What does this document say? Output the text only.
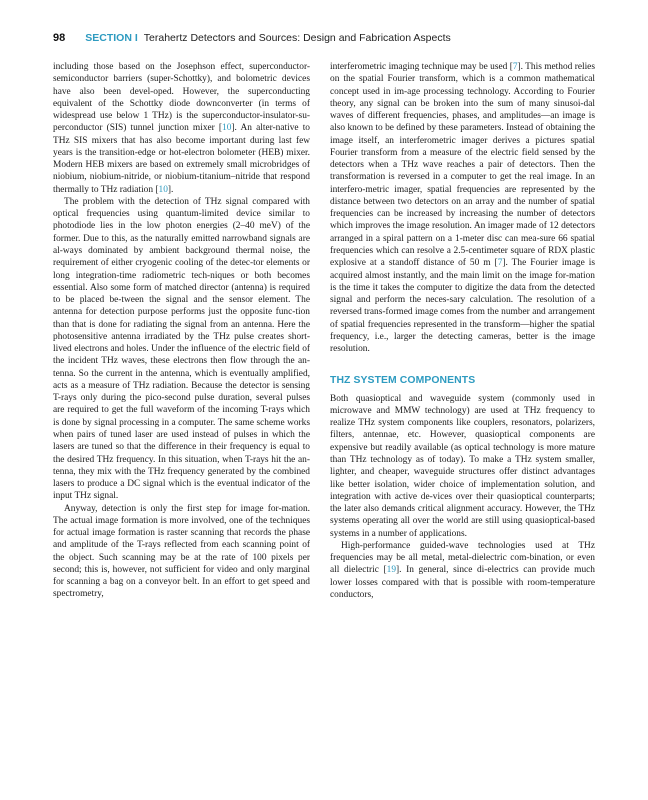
98 SECTION I Terahertz Detectors and Sources: Design and Fabrication Aspects

including those based on the Josephson effect, superconductor-semiconductor barriers (super-Schottky), and bolometric devices have also been devel-oped. However, the superconducting equivalent of the Schottky diode downconverter (in terms of widespread use below 1 THz) is the superconductor-insulator-su-perconductor (SIS) tunnel junction mixer [10]. An alter-native to THz SIS mixers that has also become important during last few years is the transition-edge or hot-electron bolometer (HEB) mixer. Modern HEB mixers are based on extremely small microbridges of niobium, niobium-nitride, or niobium-titanium–nitride that respond thermally to THz radiation [10].

The problem with the detection of THz signal compared with optical frequencies using quantum-limited device similar to photodiode lies in the low photon energies (2–40 meV) of the former. Due to this, as the naturally emitted narrowband signals are al-ways dominated by ambient background thermal noise, the requirement of either cryogenic cooling of the detec-tor elements or long integration-time radiometric tech-niques or both becomes essential. Also some form of matched director (antenna) is required to be placed be-tween the signal and the sensor element. The antenna for detection purpose performs just the opposite func-tion than that is done for radiating the signal from an antenna. Here the photosensitive antenna irradiated by the THz pulse creates short-lived electrons and holes. Under the influence of the electric field of the incident THz waves, these electrons then flow through the an-tenna. So the current in the antenna, which is eventually amplified, acts as a measure of THz radiation. Because the detector is sensing T-rays only during the pico-second pulse duration, several pulses are required to get the full waveform of the incoming T-rays which is done by signal processing in a computer. The same scheme works when pairs of tuned laser are used instead of pulses in which the lasers are tuned so that the difference in their frequency is equal to the desired THz frequency. In this situation, when T-rays hit the an-tenna, they mix with the THz frequency generated by the combined lasers to produce a DC signal which is the eventual indicator of the input THz signal.

Anyway, detection is only the first step for image for-mation. The actual image formation is more involved, one of the techniques for actual image formation is raster scanning that records the phase and amplitude of the T-rays reflected from each scanning point of the object. Such scanning may be at the rate of 100 pixels per second; this is, however, not sufficient for video and only marginal for scanning a bag on a conveyor belt. In an effort to get speed and spectrometry,

interferometric imaging technique may be used [7]. This method relies on the spatial Fourier transform, which is a common mathematical concept used in im-age processing technology. According to Fourier theory, any signal can be broken into the sum of many sinusoi-dal waves of different frequencies, phases, and amplitudes—an image is also known to be defined by these parameters. Instead of obtaining the image itself, an interferometric imager derives a pictures spatial Fourier transform from a measure of the electric field sensed by the detectors when a THz wave reaches a pair of detectors. Then the transformation is reversed in a computer to get the real image. In an interfero-metric imager, spatial frequencies are represented by the distance between two detectors on an array and the number of spatial frequencies can be increased by increasing the number of detectors which improves the image resolution. An imager made of 12 detectors arranged in a spiral pattern on a 1-meter disc can mea-sure 66 spatial frequencies which can resolve a 2.5-centimeter square of RDX plastic explosive at a standoff distance of 50 m [7]. The Fourier image is acquired almost instantly, and the main limit on the image for-mation is the time it takes the computer to digitize the data from the detected signal and perform the neces-sary calculation. The resolution of a reversed trans-formed image comes from the number and arrangement of spatial frequencies represented in the transform—higher the spatial frequency, i.e., larger the detecting cameras, better is the image resolution.

THZ SYSTEM COMPONENTS

Both quasioptical and waveguide system (commonly used in microwave and MMW technology) are used at THz frequency to realize THz system components like couplers, resonators, polarizers, filters, antennae, etc. However, quasioptical components are expensive but readily available (as optical technology is more mature than THz technology as of today). To make a THz system smaller, lighter, and cheaper, waveguide structures offer distinct advantages like better isolation, wider choice of implementation solution, and integration with active de-vices over their quasioptical counterparts; the later also demands critical alignment accuracy. However, the THz systems operating all over the world are still using quasioptical-based systems in a number of applications.

High-performance guided-wave technologies used at THz frequencies may be all metal, metal-dielectric com-bination, or even all dielectric [19]. In general, since di-electrics can provide much lower losses compared with that is possible with room-temperature conductors,
